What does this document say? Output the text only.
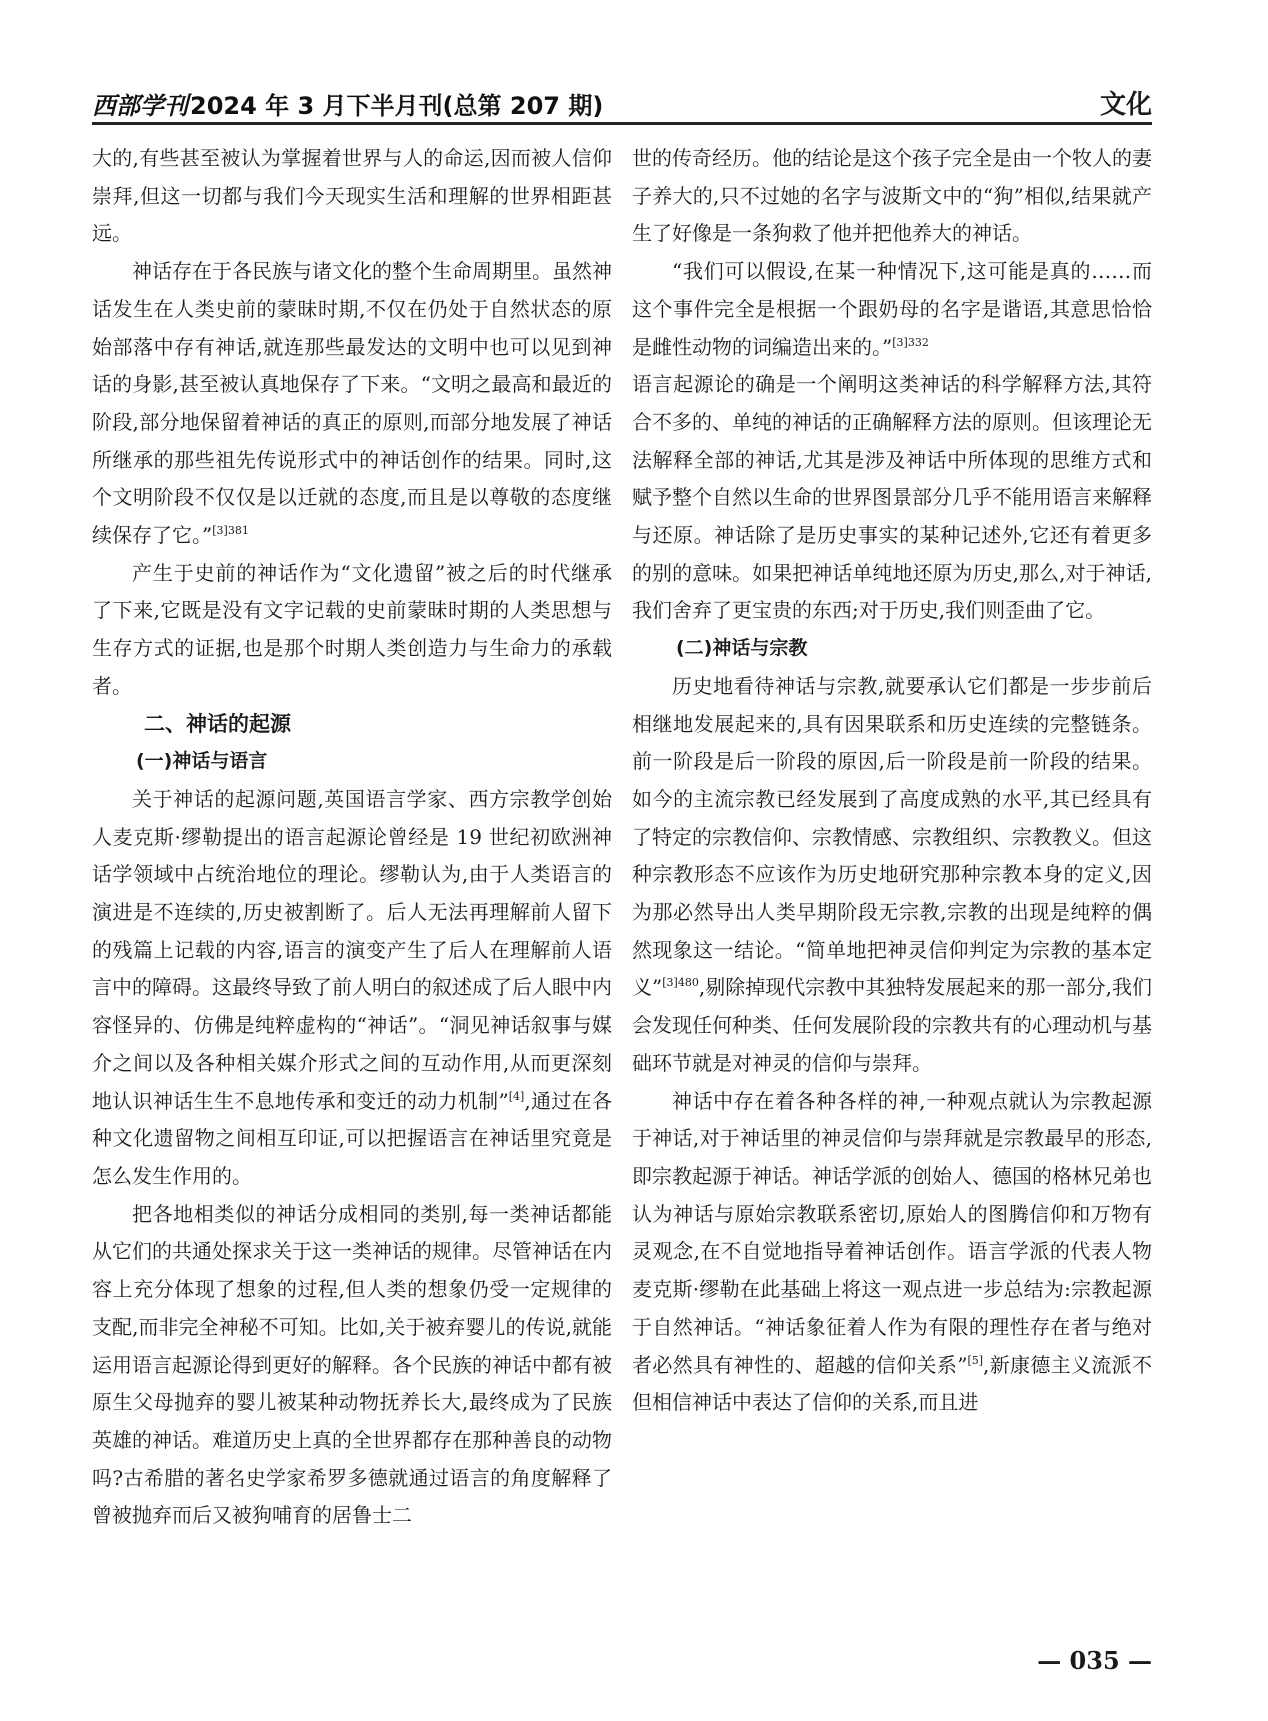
西部学刊2024 年 3 月下半月刊(总第 207 期)	文化

大的,有些甚至被认为掌握着世界与人的命运,因而被人信仰崇拜,但这一切都与我们今天现实生活和理解的世界相距甚远。

神话存在于各民族与诸文化的整个生命周期里。虽然神话发生在人类史前的蒙昧时期,不仅在仍处于自然状态的原始部落中存有神话,就连那些最发达的文明中也可以见到神话的身影,甚至被认真地保存了下来。“文明之最高和最近的阶段,部分地保留着神话的真正的原则,而部分地发展了神话所继承的那些祖先传说形式中的神话创作的结果。同时,这个文明阶段不仅仅是以迁就的态度,而且是以尊敬的态度继续保存了它。”$^{[3]381}$

产生于史前的神话作为“文化遗留”被之后的时代继承了下来,它既是没有文字记载的史前蒙昧时期的人类思想与生存方式的证据,也是那个时期人类创造力与生命力的承载者。

二、神话的起源
(一)神话与语言

关于神话的起源问题,英国语言学家、西方宗教学创始人麦克斯·缪勒提出的语言起源论曾经是 19 世纪初欧洲神话学领域中占统治地位的理论。缪勒认为,由于人类语言的演进是不连续的,历史被割断了。后人无法再理解前人留下的残篇上记载的内容,语言的演变产生了后人在理解前人语言中的障碍。这最终导致了前人明白的叙述成了后人眼中内容怪异的、仿佛是纯粹虚构的“神话”。“洞见神话叙事与媒介之间以及各种相关媒介形式之间的互动作用,从而更深刻地认识神话生生不息地传承和变迁的动力机制”[4],通过在各种文化遗留物之间相互印证,可以把握语言在神话里究竟是怎么发生作用的。

把各地相类似的神话分成相同的类别,每一类神话都能从它们的共通处探求关于这一类神话的规律。尽管神话在内容上充分体现了想象的过程,但人类的想象仍受一定规律的支配,而非完全神秘不可知。比如,关于被弃婴儿的传说,就能运用语言起源论得到更好的解释。各个民族的神话中都有被原生父母抛弃的婴儿被某种动物抚养长大,最终成为了民族英雄的神话。难道历史上真的全世界都存在那种善良的动物吗?古希腊的著名史学家希罗多德就通过语言的角度解释了曾被抛弃而后又被狗哺育的居鲁士二

世的传奇经历。他的结论是这个孩子完全是由一个牧人的妻子养大的,只不过她的名字与波斯文中的“狗”相似,结果就产生了好像是一条狗救了他并把他养大的神话。

“我们可以假设,在某一种情况下,这可能是真的……而这个事件完全是根据一个跟奶母的名字是谐语,其意思恰恰是雌性动物的词编造出来的。”$^{[3]332}$

语言起源论的确是一个阐明这类神话的科学解释方法,其符合不多的、单纯的神话的正确解释方法的原则。但该理论无法解释全部的神话,尤其是涉及神话中所体现的思维方式和赋予整个自然以生命的世界图景部分几乎不能用语言来解释与还原。神话除了是历史事实的某种记述外,它还有着更多的别的意味。如果把神话单纯地还原为历史,那么,对于神话,我们舍弃了更宝贵的东西;对于历史,我们则歪曲了它。

(二)神话与宗教

历史地看待神话与宗教,就要承认它们都是一步步前后相继地发展起来的,具有因果联系和历史连续的完整链条。前一阶段是后一阶段的原因,后一阶段是前一阶段的结果。如今的主流宗教已经发展到了高度成熟的水平,其已经具有了特定的宗教信仰、宗教情感、宗教组织、宗教教义。但这种宗教形态不应该作为历史地研究那种宗教本身的定义,因为那必然导出人类早期阶段无宗教,宗教的出现是纯粹的偶然现象这一结论。“简单地把神灵信仰判定为宗教的基本定义”$^{[3]480}$,剔除掉现代宗教中其独特发展起来的那一部分,我们会发现任何种类、任何发展阶段的宗教共有的心理动机与基础环节就是对神灵的信仰与崇拜。

神话中存在着各种各样的神,一种观点就认为宗教起源于神话,对于神话里的神灵信仰与崇拜就是宗教最早的形态,即宗教起源于神话。神话学派的创始人、德国的格林兄弟也认为神话与原始宗教联系密切,原始人的图腾信仰和万物有灵观念,在不自觉地指导着神话创作。语言学派的代表人物麦克斯·缪勒在此基础上将这一观点进一步总结为:宗教起源于自然神话。“神话象征着人作为有限的理性存在者与绝对者必然具有神性的、超越的信仰关系”[5],新康德主义流派不但相信神话中表达了信仰的关系,而且进

— 035 —
